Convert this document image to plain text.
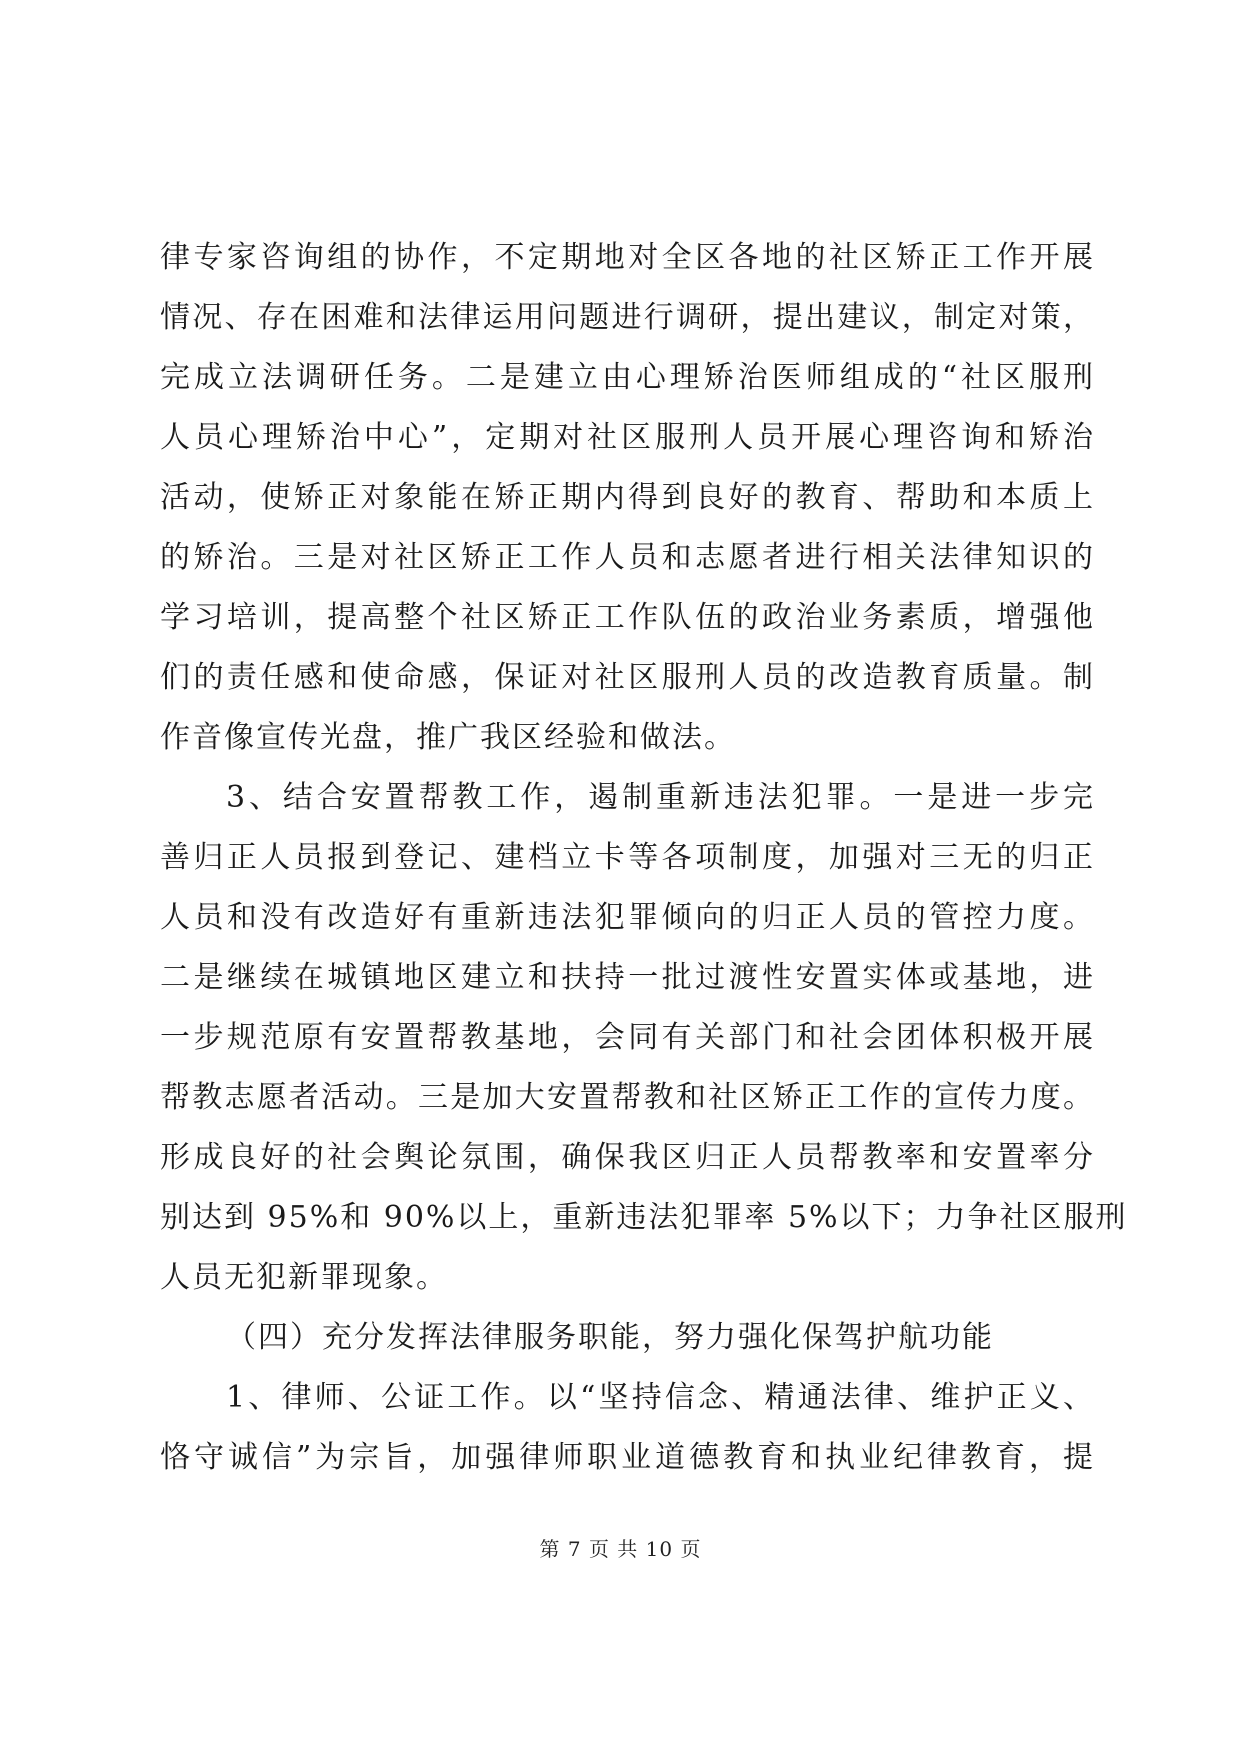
律专家咨询组的协作，不定期地对全区各地的社区矫正工作开展
情况、存在困难和法律运用问题进行调研，提出建议，制定对策，
完成立法调研任务。二是建立由心理矫治医师组成的“社区服刑
人员心理矫治中心”，定期对社区服刑人员开展心理咨询和矫治
活动，使矫正对象能在矫正期内得到良好的教育、帮助和本质上
的矫治。三是对社区矫正工作人员和志愿者进行相关法律知识的
学习培训，提高整个社区矫正工作队伍的政治业务素质，增强他
们的责任感和使命感，保证对社区服刑人员的改造教育质量。制
作音像宣传光盘，推广我区经验和做法。
3、结合安置帮教工作，遏制重新违法犯罪。一是进一步完
善归正人员报到登记、建档立卡等各项制度，加强对三无的归正
人员和没有改造好有重新违法犯罪倾向的归正人员的管控力度。
二是继续在城镇地区建立和扶持一批过渡性安置实体或基地，进
一步规范原有安置帮教基地，会同有关部门和社会团体积极开展
帮教志愿者活动。三是加大安置帮教和社区矫正工作的宣传力度。
形成良好的社会舆论氛围，确保我区归正人员帮教率和安置率分
别达到 95%和 90%以上，重新违法犯罪率 5%以下；力争社区服刑
人员无犯新罪现象。
（四）充分发挥法律服务职能，努力强化保驾护航功能
1、律师、公证工作。以“坚持信念、精通法律、维护正义、
恪守诚信”为宗旨，加强律师职业道德教育和执业纪律教育，提
第 7 页 共 10 页
